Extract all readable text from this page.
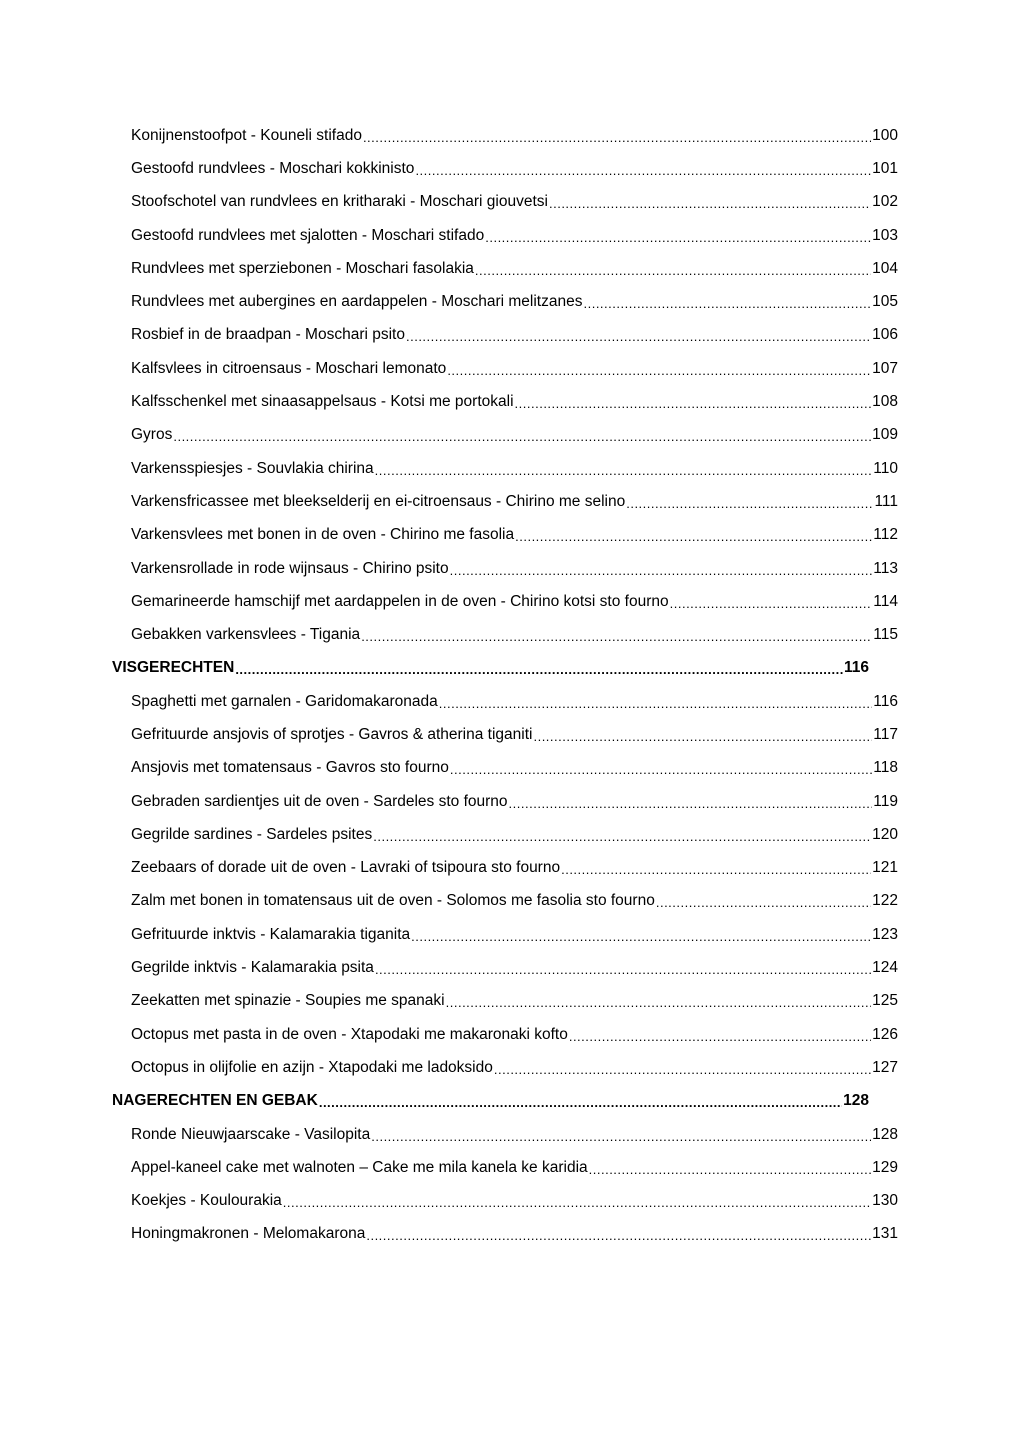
Konijnenstoofpot - Kouneli stifado .....	100
Gestoofd rundvlees - Moschari kokkinisto .....	101
Stoofschotel van rundvlees en kritharaki - Moschari giouvetsi .....	102
Gestoofd rundvlees met sjalotten - Moschari stifado .....	103
Rundvlees met sperziebonen - Moschari fasolakia .....	104
Rundvlees met aubergines en aardappelen - Moschari melitzanes .....	105
Rosbief in de braadpan - Moschari psito .....	106
Kalfsvlees in citroensaus - Moschari lemonato .....	107
Kalfsschenkel met sinaasappelsaus - Kotsi me portokali .....	108
Gyros .....	109
Varkensspiesjes - Souvlakia chirina .....	110
Varkensfricassee met bleekselderij en ei-citroensaus - Chirino me selino .....	111
Varkensvlees met bonen in de oven - Chirino me fasolia .....	112
Varkensrollade in rode wijnsaus - Chirino psito .....	113
Gemarineerde hamschijf met aardappelen in de oven - Chirino kotsi sto fourno .....	114
Gebakken varkensvlees - Tigania .....	115
VISGERECHTEN .....	116
Spaghetti met garnalen - Garidomakaronada .....	116
Gefrituurde ansjovis of sprotjes - Gavros & atherina tiganiti .....	117
Ansjovis met tomatensaus - Gavros sto fourno .....	118
Gebraden sardientjes uit de oven - Sardeles sto fourno .....	119
Gegrilde sardines - Sardeles psites .....	120
Zeebaars of dorade uit de oven - Lavraki of tsipoura sto fourno .....	121
Zalm met bonen in tomatensaus uit de oven - Solomos me fasolia sto fourno .....	122
Gefrituurde inktvis - Kalamarakia tiganita .....	123
Gegrilde inktvis - Kalamarakia psita .....	124
Zeekatten met spinazie - Soupies me spanaki .....	125
Octopus met pasta in de oven - Xtapodaki me makaronaki kofto .....	126
Octopus in olijfolie en azijn - Xtapodaki me ladoksido .....	127
NAGERECHTEN EN GEBAK .....	128
Ronde Nieuwjaarscake - Vasilopita .....	128
Appel-kaneel cake met walnoten – Cake me mila kanela ke karidia .....	129
Koekjes - Koulourakia .....	130
Honingmakronen - Melomakarona .....	131
